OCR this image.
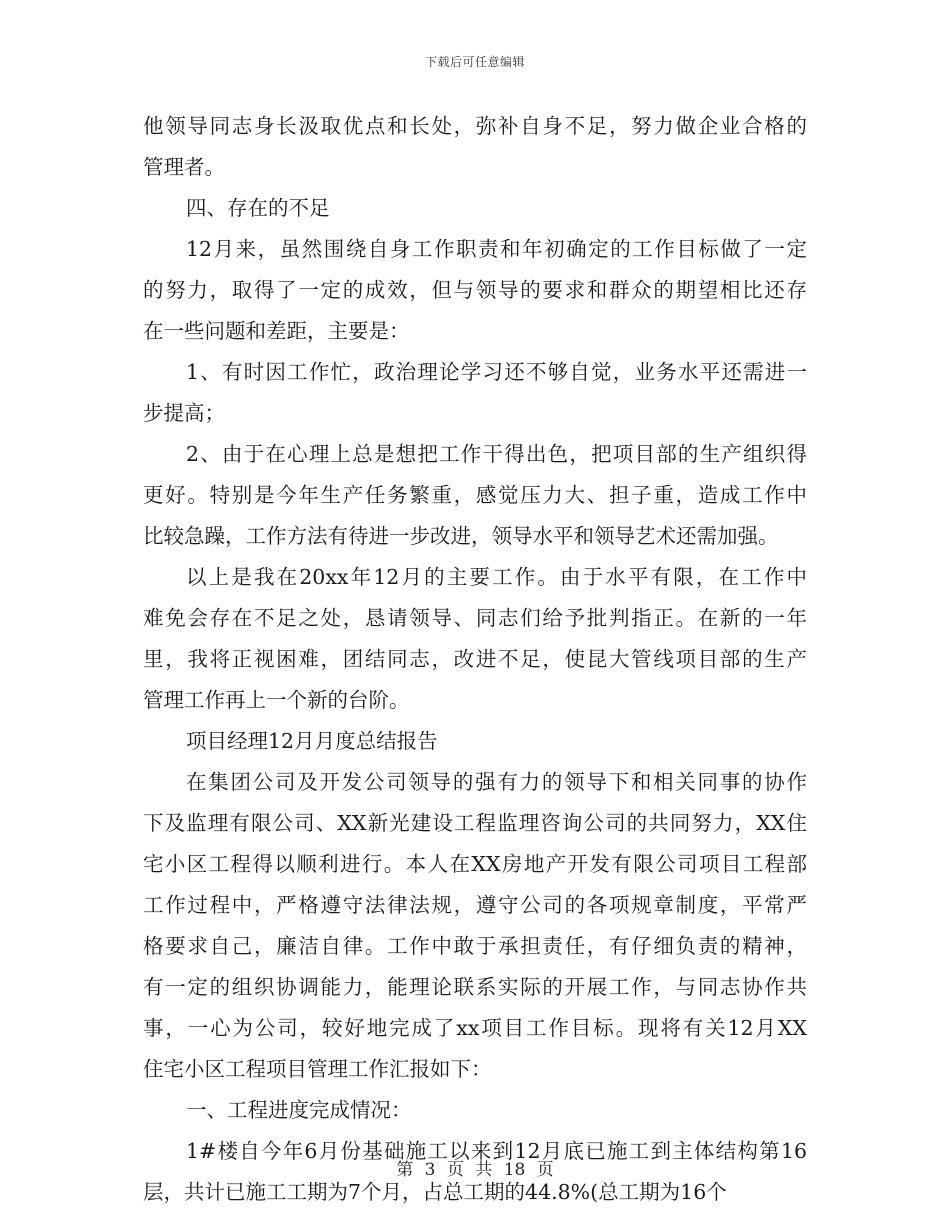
下载后可任意编辑
他领导同志身长汲取优点和长处，弥补自身不足，努力做企业合格的
管理者。
四、存在的不足
12月来，虽然围绕自身工作职责和年初确定的工作目标做了一定
的努力，取得了一定的成效，但与领导的要求和群众的期望相比还存
在一些问题和差距，主要是：
1、有时因工作忙，政治理论学习还不够自觉，业务水平还需进一
步提高；
2、由于在心理上总是想把工作干得出色，把项目部的生产组织得
更好。特别是今年生产任务繁重，感觉压力大、担子重，造成工作中
比较急躁，工作方法有待进一步改进，领导水平和领导艺术还需加强。
以上是我在20xx年12月的主要工作。由于水平有限，在工作中
难免会存在不足之处，恳请领导、同志们给予批判指正。在新的一年
里，我将正视困难，团结同志，改进不足，使昆大管线项目部的生产
管理工作再上一个新的台阶。
项目经理12月月度总结报告
在集团公司及开发公司领导的强有力的领导下和相关同事的协作
下及监理有限公司、XX新光建设工程监理咨询公司的共同努力，XX住
宅小区工程得以顺利进行。本人在XX房地产开发有限公司项目工程部
工作过程中，严格遵守法律法规，遵守公司的各项规章制度，平常严
格要求自己，廉洁自律。工作中敢于承担责任，有仔细负责的精神，
有一定的组织协调能力，能理论联系实际的开展工作，与同志协作共
事，一心为公司，较好地完成了xx项目工作目标。现将有关12月XX
住宅小区工程项目管理工作汇报如下：
一、工程进度完成情况：
1#楼自今年6月份基础施工以来到12月底已施工到主体结构第16
层，共计已施工工期为7个月，占总工期的44.8%(总工期为16个
第 3 页 共 18 页
